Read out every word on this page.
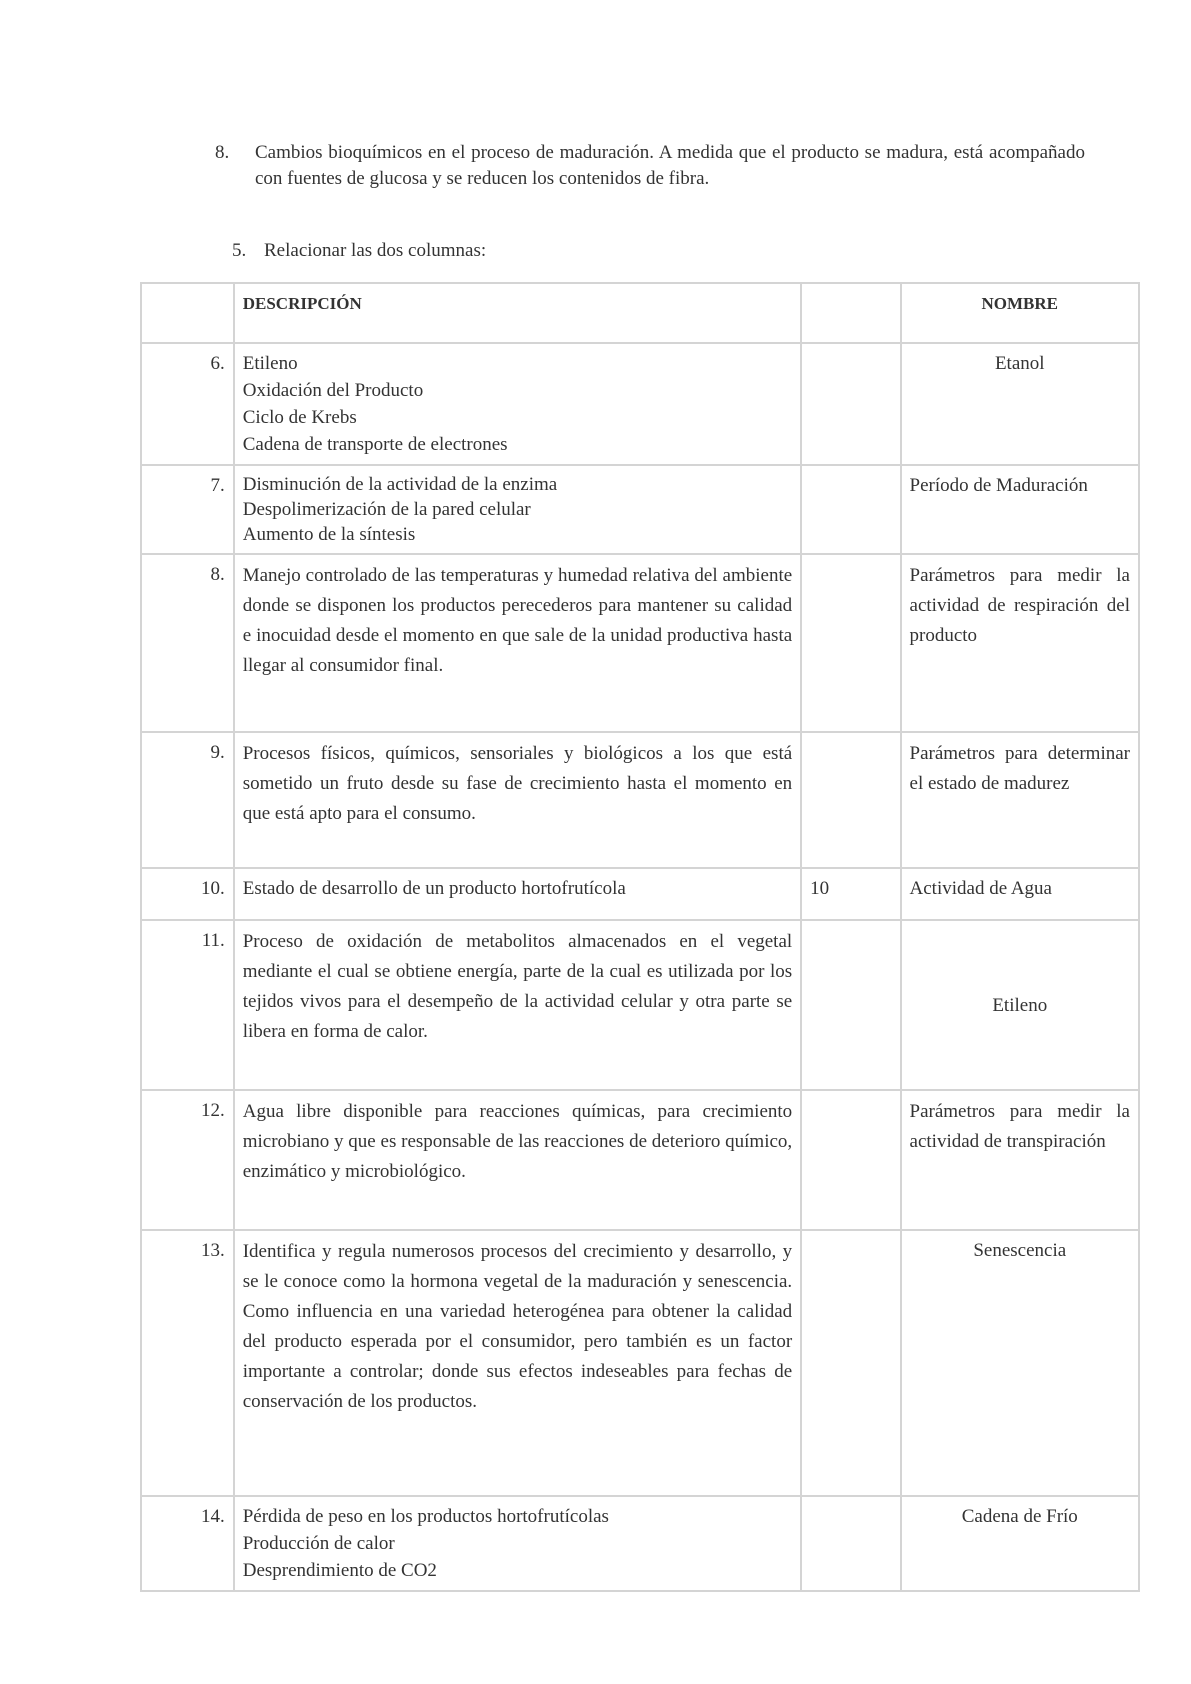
8.	Cambios bioquímicos en el proceso de maduración. A medida que el producto se madura, está acompañado con fuentes de glucosa y se reducen los contenidos de fibra.
5. Relacionar las dos columnas:
	DESCRIPCIÓN		NOMBRE
6.	Etileno
Oxidación del Producto
Ciclo de Krebs
Cadena de transporte de electrones		Etanol
7.	Disminución de la actividad de la enzima
Despolimerización de la pared celular
Aumento de la síntesis		Período de Maduración
8.	Manejo controlado de las temperaturas y humedad relativa del ambiente donde se disponen los productos perecederos para mantener su calidad e inocuidad desde el momento en que sale de la unidad productiva hasta llegar al consumidor final.		Parámetros para medir la actividad de respiración del producto
9.	Procesos físicos, químicos, sensoriales y biológicos a los que está sometido un fruto desde su fase de crecimiento hasta el momento en que está apto para el consumo.		Parámetros para determinar el estado de madurez
10.	Estado de desarrollo de un producto hortofrutícola	10	Actividad de Agua
11.	Proceso de oxidación de metabolitos almacenados en el vegetal mediante el cual se obtiene energía, parte de la cual es utilizada por los tejidos vivos para el desempeño de la actividad celular y otra parte se libera en forma de calor.		Etileno
12.	Agua libre disponible para reacciones químicas, para crecimiento microbiano y que es responsable de las reacciones de deterioro químico, enzimático y microbiológico.		Parámetros para medir la actividad de transpiración
13.	Identifica y regula numerosos procesos del crecimiento y desarrollo, y se le conoce como la hormona vegetal de la maduración y senescencia. Como influencia en una variedad heterogénea para obtener la calidad del producto esperada por el consumidor, pero también es un factor importante a controlar; donde sus efectos indeseables para fechas de conservación de los productos.		Senescencia
14.	Pérdida de peso en los productos hortofrutícolas
Producción de calor
Desprendimiento de CO2		Cadena de Frío
